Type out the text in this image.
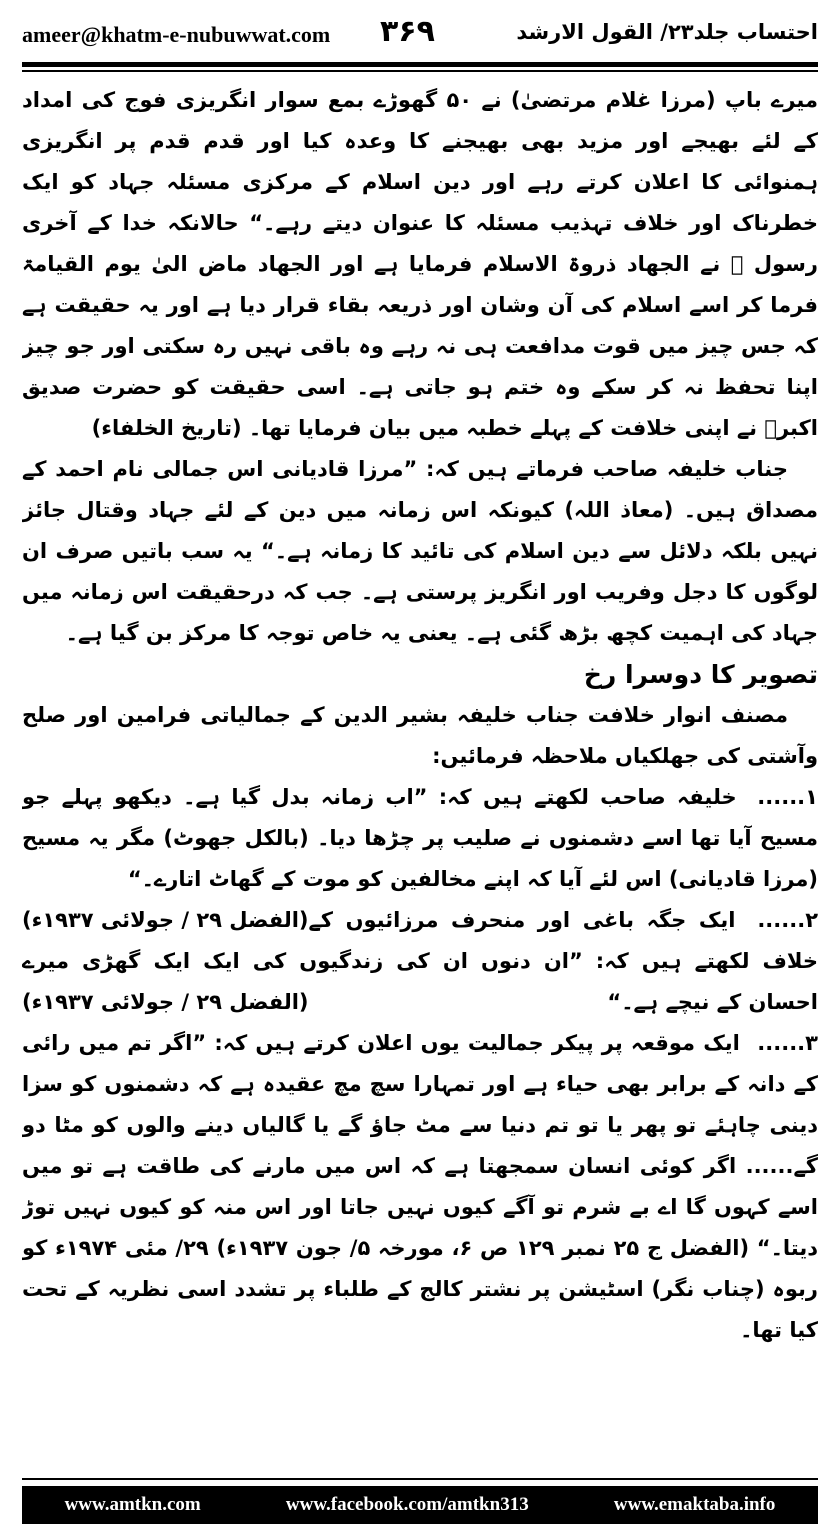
ameer@khatm-e-nubuwwat.com ۳۶۹	احتساب جلد۲۳/ القول الارشد

میرے باپ (مرزا غلام مرتضیٰ) نے ۵۰ گھوڑے بمع سوار انگریزی فوج کی امداد کے لئے بھیجے اور مزید بھی بھیجنے کا وعدہ کیا اور قدم قدم پر انگریزی ہمنوائی کا اعلان کرتے رہے اور دین اسلام کے مرکزی مسئلہ جہاد کو ایک خطرناک اور خلاف تہذیب مسئلہ کا عنوان دیتے رہے۔“ حالانکہ خدا کے آخری رسول ﷺ نے الجھاد ذروۃ الاسلام فرمایا ہے اور الجھاد ماض الیٰ یوم القیامۃ فرما کر اسے اسلام کی آن وشان اور ذریعہ بقاء قرار دیا ہے اور یہ حقیقت ہے کہ جس چیز میں قوت مدافعت ہی نہ رہے وہ باقی نہیں رہ سکتی اور جو چیز اپنا تحفظ نہ کر سکے وہ ختم ہو جاتی ہے۔ اسی حقیقت کو حضرت صدیق اکبرؓ نے اپنی خلافت کے پہلے خطبہ میں بیان فرمایا تھا۔ (تاریخ الخلفاء)

جناب خلیفہ صاحب فرماتے ہیں کہ: ”مرزا قادیانی اس جمالی نام احمد کے مصداق ہیں۔ (معاذ اللہ) کیونکہ اس زمانہ میں دین کے لئے جہاد وقتال جائز نہیں بلکہ دلائل سے دین اسلام کی تائید کا زمانہ ہے۔“ یہ سب باتیں صرف ان لوگوں کا دجل وفریب اور انگریز پرستی ہے۔ جب کہ درحقیقت اس زمانہ میں جہاد کی اہمیت کچھ بڑھ گئی ہے۔ یعنی یہ خاص توجہ کا مرکز بن گیا ہے۔

تصویر کا دوسرا رخ

مصنف انوار خلافت جناب خلیفہ بشیر الدین کے جمالیاتی فرامین اور صلح وآشتی کی جھلکیاں ملاحظہ فرمائیں:

۱...... خلیفہ صاحب لکھتے ہیں کہ: ”اب زمانہ بدل گیا ہے۔ دیکھو پہلے جو مسیح آیا تھا اسے دشمنوں نے صلیب پر چڑھا دیا۔ (بالکل جھوٹ) مگر یہ مسیح (مرزا قادیانی) اس لئے آیا کہ اپنے مخالفین کو موت کے گھاٹ اتارے۔“
(الفضل ۲۹ / جولائی ۱۹۳۷ء)	۲...... ایک جگہ باغی اور منحرف مرزائیوں کے خلاف لکھتے ہیں کہ: ”ان دنوں ان کی زندگیوں کی ایک ایک گھڑی میرے احسان کے نیچے ہے۔“
(الفضل ۲۹ / جولائی ۱۹۳۷ء)

۳...... ایک موقعہ پر پیکر جمالیت یوں اعلان کرتے ہیں کہ: ”اگر تم میں رائی کے دانہ کے برابر بھی حیاء ہے اور تمہارا سچ مچ عقیدہ ہے کہ دشمنوں کو سزا دینی چاہئے تو پھر یا تو تم دنیا سے مٹ جاؤ گے یا گالیاں دینے والوں کو مٹا دو گے...... اگر کوئی انسان سمجھتا ہے کہ اس میں مارنے کی طاقت ہے تو میں اسے کہوں گا اے بے شرم تو آگے کیوں نہیں جاتا اور اس منہ کو کیوں نہیں توڑ دیتا۔“ (الفضل ج ۲۵ نمبر ۱۲۹ ص ۶، مورخہ ۵/ جون ۱۹۳۷ء) ۲۹/ مئی ۱۹۷۴ء کو ربوہ (چناب نگر) اسٹیشن پر نشتر کالج کے طلباء پر تشدد اسی نظریہ کے تحت کیا تھا۔

www.amtkn.com	www.facebook.com/amtkn313	www.emaktaba.info
